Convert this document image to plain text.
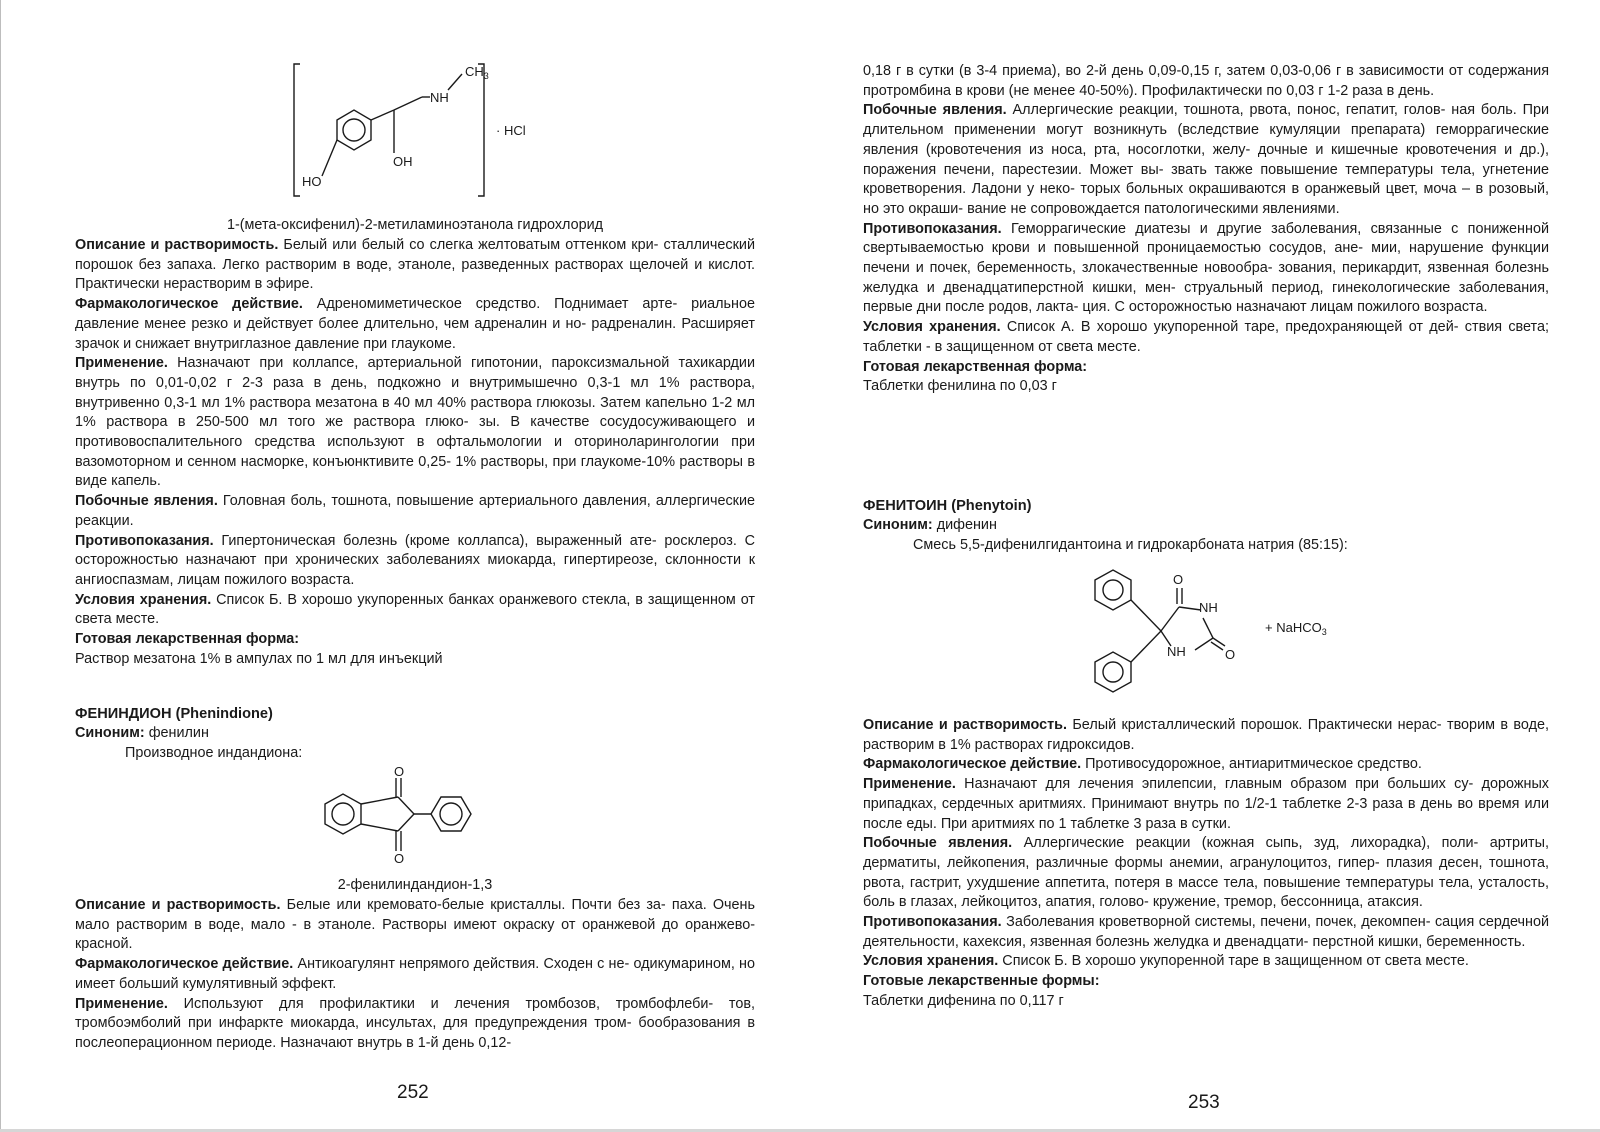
$CH_3$
NH
OH
HO
· HCl

1-(мета-оксифенил)-2-метиламиноэтанола гидрохлорид

Описание и растворимость. Белый или белый со слегка желтоватым оттенком кри- сталлический порошок без запаха. Легко растворим в воде, этаноле, разведенных растворах щелочей и кислот. Практически нерастворим в эфире.

Фармакологическое действие. Адреномиметическое средство. Поднимает арте- риальное давление менее резко и действует более длительно, чем адреналин и но- радреналин. Расширяет зрачок и снижает внутриглазное давление при глаукоме.

Применение. Назначают при коллапсе, артериальной гипотонии, пароксизмальной тахикардии внутрь по 0,01-0,02 г 2-3 раза в день, подкожно и внутримышечно 0,3-1 мл 1% раствора, внутривенно 0,3-1 мл 1% раствора мезатона в 40 мл 40% раствора глюкозы. Затем капельно 1-2 мл 1% раствора в 250-500 мл того же раствора глюко- зы. В качестве сосудосуживающего и противовоспалительного средства используют в офтальмологии и оториноларингологии при вазомоторном и сенном насморке, конъюнктивите 0,25- 1% растворы, при глаукоме-10% растворы в виде капель.

Побочные явления. Головная боль, тошнота, повышение артериального давления, аллергические реакции.

Противопоказания. Гипертоническая болезнь (кроме коллапса), выраженный ате- росклероз. С осторожностью назначают при хронических заболеваниях миокарда, гипертиреозе, склонности к ангиоспазмам, лицам пожилого возраста.

Условия хранения. Список Б. В хорошо укупоренных банках оранжевого стекла, в защищенном от света месте.

Готовая лекарственная форма:

Раствор мезатона 1% в ампулах по 1 мл для инъекций

ФЕНИНДИОН (Phenindione)

Синоним: фенилин

Производное индандиона:

O
O

2-фенилиндандион-1,3

Описание и растворимость. Белые или кремовато-белые кристаллы. Почти без за- паха. Очень мало растворим в воде, мало - в этаноле. Растворы имеют окраску от оранжевой до оранжево-красной.

Фармакологическое действие. Антикоагулянт непрямого действия. Сходен с не- одикумарином, но имеет больший кумулятивный эффект.

Применение. Используют для профилактики и лечения тромбозов, тромбофлеби- тов, тромбоэмболий при инфаркте миокарда, инсультах, для предупреждения тром- бообразования в послеоперационном периоде. Назначают внутрь в 1-й день 0,12-

252

0,18 г в сутки (в 3-4 приема), во 2-й день 0,09-0,15 г, затем 0,03-0,06 г в зависимости от содержания протромбина в крови (не менее 40-50%). Профилактически по 0,03 г 1-2 раза в день.

Побочные явления. Аллергические реакции, тошнота, рвота, понос, гепатит, голов- ная боль. При длительном применении могут возникнуть (вследствие кумуляции препарата) геморрагические явления (кровотечения из носа, рта, носоглотки, желу- дочные и кишечные кровотечения и др.), поражения печени, парестезии. Может вы- звать также повышение температуры тела, угнетение кроветворения. Ладони у неко- торых больных окрашиваются в оранжевый цвет, моча – в розовый, но это окраши- вание не сопровождается патологическими явлениями.

Противопоказания. Геморрагические диатезы и другие заболевания, связанные с пониженной свертываемостью крови и повышенной проницаемостью сосудов, ане- мии, нарушение функции печени и почек, беременность, злокачественные новообра- зования, перикардит, язвенная болезнь желудка и двенадцатиперстной кишки, мен- струальный период, гинекологические заболевания, первые дни после родов, лакта- ция. С осторожностью назначают лицам пожилого возраста.

Условия хранения. Список А. В хорошо укупоренной таре, предохраняющей от дей- ствия света; таблетки - в защищенном от света месте.

Готовая лекарственная форма:

Таблетки фенилина по 0,03 г

ФЕНИТОИН (Phenytoin)

Синоним: дифенин

Смесь 5,5-дифенилгидантоина и гидрокарбоната натрия (85:15):

O
NH
NH	O
+ NaHCO$_3$

Описание и растворимость. Белый кристаллический порошок. Практически нерас- творим в воде, растворим в 1% растворах гидроксидов.

Фармакологическое действие. Противосудорожное, антиаритмическое средство.

Применение. Назначают для лечения эпилепсии, главным образом при больших су- дорожных припадках, сердечных аритмиях. Принимают внутрь по 1/2-1 таблетке 2-3 раза в день во время или после еды. При аритмиях по 1 таблетке 3 раза в сутки.

Побочные явления. Аллергические реакции (кожная сыпь, зуд, лихорадка), поли- артриты, дерматиты, лейкопения, различные формы анемии, агранулоцитоз, гипер- плазия десен, тошнота, рвота, гастрит, ухудшение аппетита, потеря в массе тела, повышение температуры тела, усталость, боль в глазах, лейкоцитоз, апатия, голово- кружение, тремор, бессонница, атаксия.

Противопоказания. Заболевания кроветворной системы, печени, почек, декомпен- сация сердечной деятельности, кахексия, язвенная болезнь желудка и двенадцати- перстной кишки, беременность.

Условия хранения. Список Б. В хорошо укупоренной таре в защищенном от света месте.

Готовые лекарственные формы:

Таблетки дифенина по 0,117 г

253
